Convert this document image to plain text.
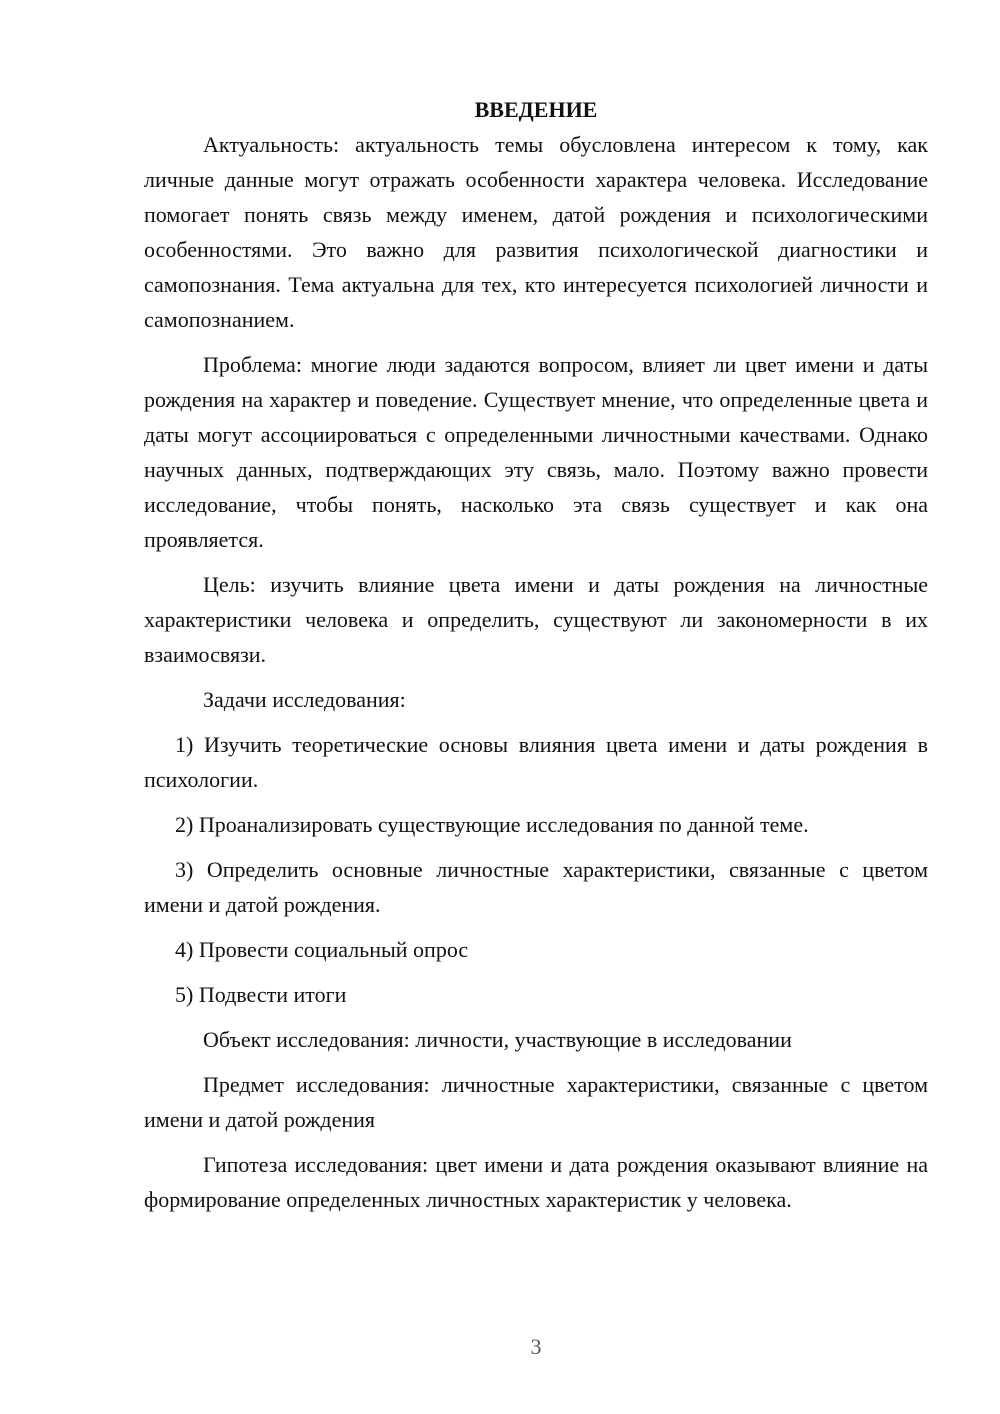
ВВЕДЕНИЕ

Актуальность: актуальность темы обусловлена интересом к тому, как личные данные могут отражать особенности характера человека. Исследование помогает понять связь между именем, датой рождения и психологическими особенностями. Это важно для развития психологической диагностики и самопознания. Тема актуальна для тех, кто интересуется психологией личности и самопознанием.

Проблема: многие люди задаются вопросом, влияет ли цвет имени и даты рождения на характер и поведение. Существует мнение, что определенные цвета и даты могут ассоциироваться с определенными личностными качествами. Однако научных данных, подтверждающих эту связь, мало. Поэтому важно провести исследование, чтобы понять, насколько эта связь существует и как она проявляется.

Цель: изучить влияние цвета имени и даты рождения на личностные характеристики человека и определить, существуют ли закономерности в их взаимосвязи.

Задачи исследования:

1) Изучить теоретические основы влияния цвета имени и даты рождения в психологии.

2) Проанализировать существующие исследования по данной теме.

3) Определить основные личностные характеристики, связанные с цветом имени и датой рождения.

4) Провести социальный опрос

5) Подвести итоги

Объект исследования: личности, участвующие в исследовании

Предмет исследования: личностные характеристики, связанные с цветом имени и датой рождения

Гипотеза исследования: цвет имени и дата рождения оказывают влияние на формирование определенных личностных характеристик у человека.

3
